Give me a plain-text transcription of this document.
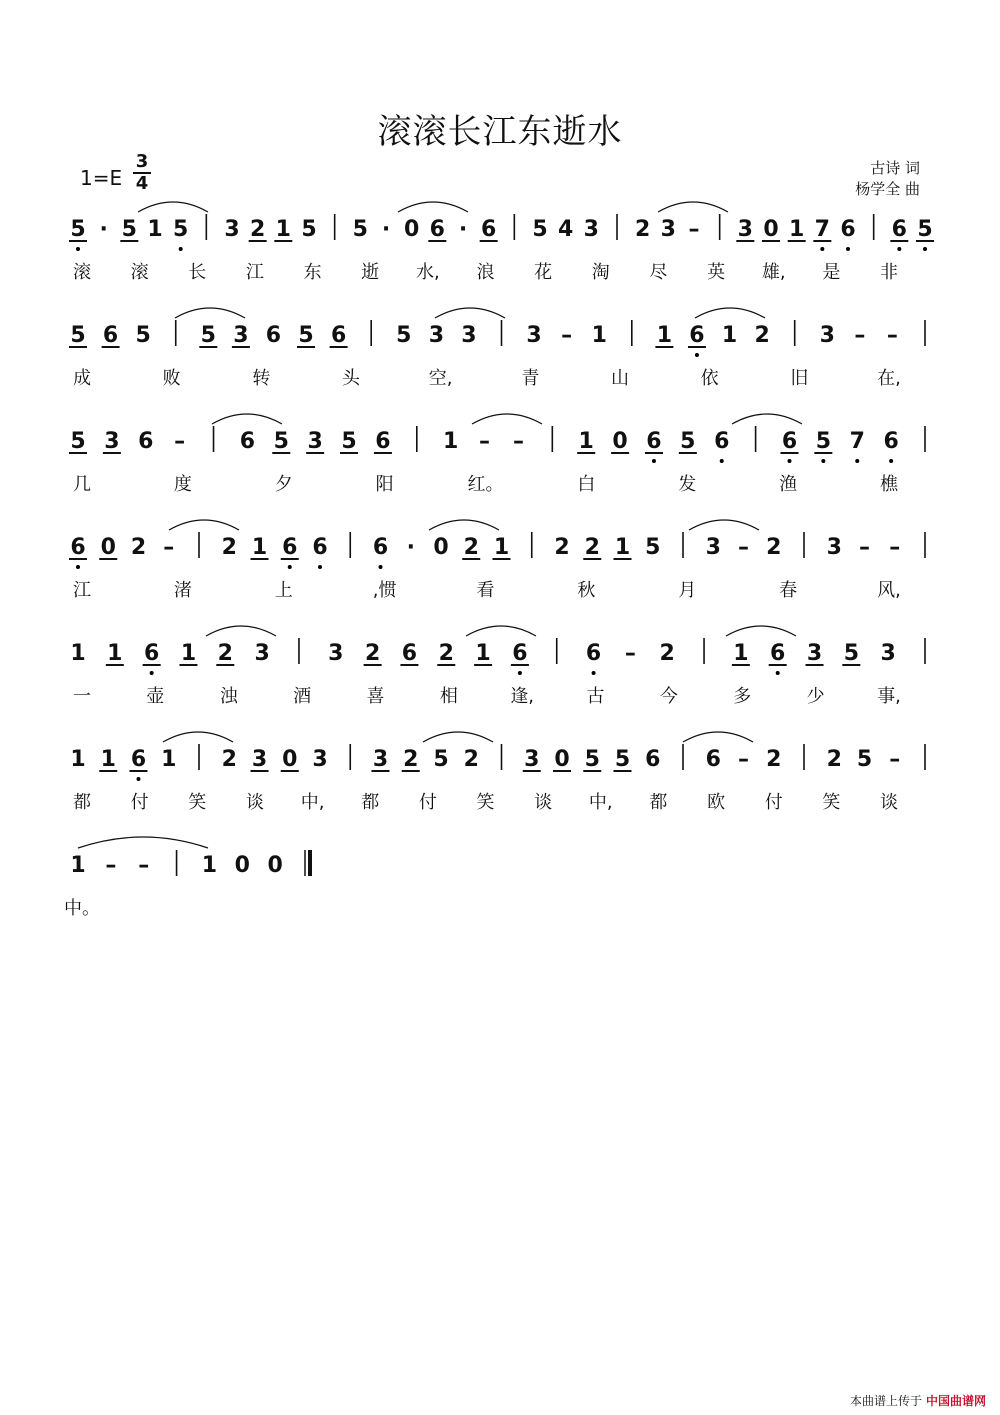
滚滚长江东逝水
1=E
3
4
古诗 词
杨学全 曲
5 · 5 1 5 3 2 1 5 5 · 0 6 · 6 5 4 3 2 3 – 3 0 1 7 6 6 5
滚 滚 长 江 东 逝 水, 浪 花 淘 尽 英 雄, 是 非
5 6 5 5 3 6 5 6 5 3 3 3 – 1 1 6 1 2 3 – –
成	败	转	头	空,	青	山	依	旧	在,
5 3 6 – 6 5 3 5 6 1 – – 1 0 6 5 6 6 5 7 6
几	度	夕	阳	红。	白	发	渔	樵
6 0 2 – 2 1 6 6 6 · 0 2 1 2 2 1 5 3 – 2 3 – –
江	渚	上	,惯	看	秋	月	春	风,
1 1 6 1 2 3	3 2 6 2 1 6	6 – 2	1 6 3 5 3
一	壶	浊	酒	喜	相	逢,	古	今	多	少	事,
1 1 6 1 2 3 0 3 3 2 5 2 3 0 5 5 6 6 – 2 2 5 –
都 付 笑 谈 中, 都 付 笑 谈 中, 都 欧 付 笑 谈
1 – – 1 0 0
中。
本曲谱上传于 中国曲谱网
